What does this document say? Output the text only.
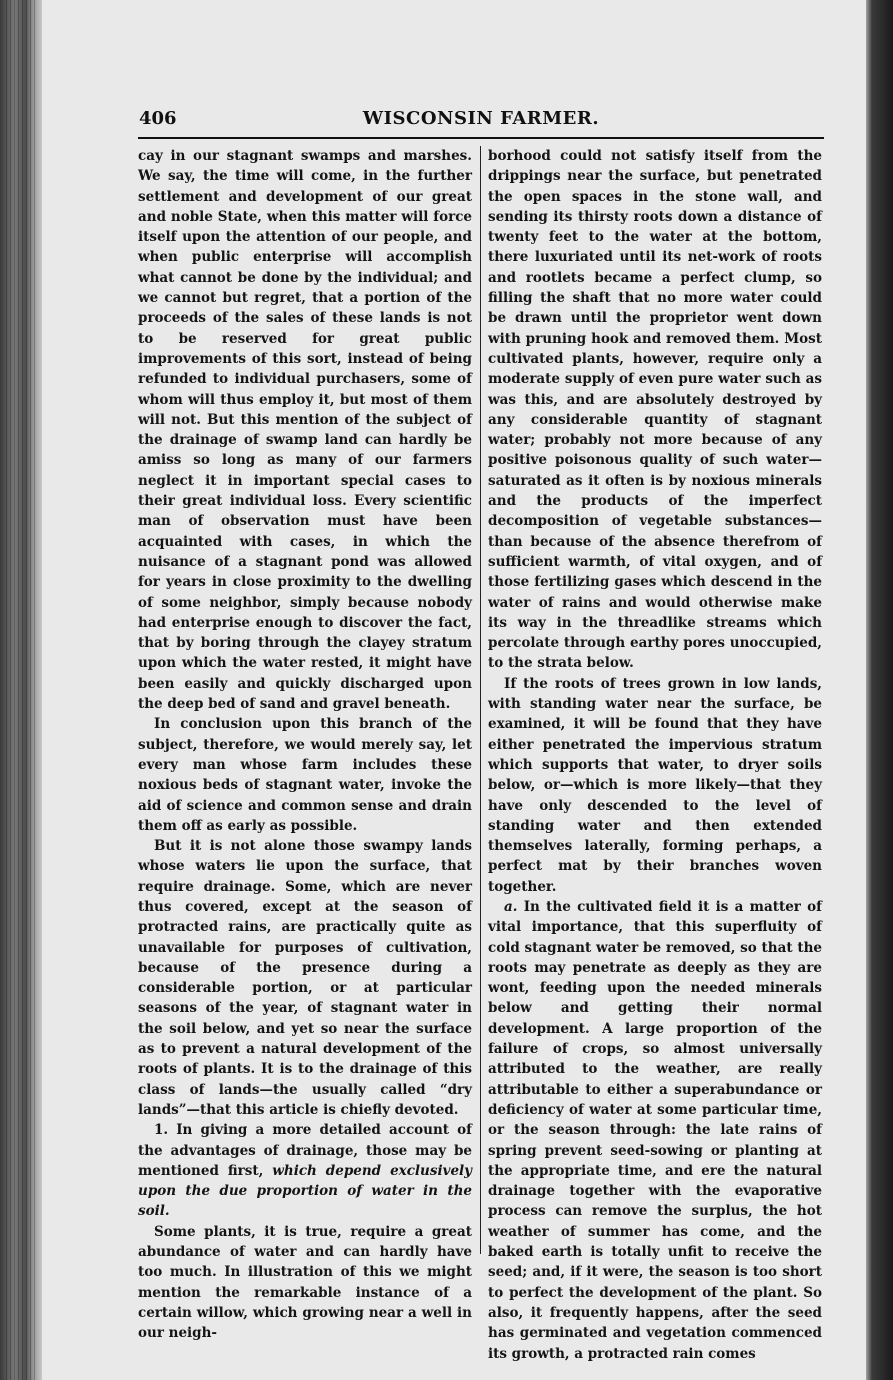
406	WISCONSIN FARMER.

cay in our stagnant swamps and marshes. We say, the time will come, in the further settlement and development of our great and noble State, when this matter will force itself upon the attention of our people, and when public enterprise will accomplish what cannot be done by the individual; and we cannot but regret, that a portion of the proceeds of the sales of these lands is not to be reserved for great public improvements of this sort, instead of being refunded to individual purchasers, some of whom will thus employ it, but most of them will not. But this mention of the subject of the drainage of swamp land can hardly be amiss so long as many of our farmers neglect it in important special cases to their great individual loss. Every scientific man of observation must have been acquainted with cases, in which the nuisance of a stagnant pond was allowed for years in close proximity to the dwelling of some neighbor, simply because nobody had enterprise enough to discover the fact, that by boring through the clayey stratum upon which the water rested, it might have been easily and quickly discharged upon the deep bed of sand and gravel beneath.

In conclusion upon this branch of the subject, therefore, we would merely say, let every man whose farm includes these noxious beds of stagnant water, invoke the aid of science and common sense and drain them off as early as possible.

But it is not alone those swampy lands whose waters lie upon the surface, that require drainage. Some, which are never thus covered, except at the season of protracted rains, are practically quite as unavailable for purposes of cultivation, because of the presence during a considerable portion, or at particular seasons of the year, of stagnant water in the soil below, and yet so near the surface as to prevent a natural development of the roots of plants. It is to the drainage of this class of lands—the usually called “dry lands”—that this article is chiefly devoted.

1. In giving a more detailed account of the advantages of drainage, those may be mentioned first, which depend exclusively upon the due proportion of water in the soil.

Some plants, it is true, require a great abundance of water and can hardly have too much. In illustration of this we might mention the remarkable instance of a certain willow, which growing near a well in our neigh-

borhood could not satisfy itself from the drippings near the surface, but penetrated the open spaces in the stone wall, and sending its thirsty roots down a distance of twenty feet to the water at the bottom, there luxuriated until its net-work of roots and rootlets became a perfect clump, so filling the shaft that no more water could be drawn until the proprietor went down with pruning hook and removed them. Most cultivated plants, however, require only a moderate supply of even pure water such as was this, and are absolutely destroyed by any considerable quantity of stagnant water; probably not more because of any positive poisonous quality of such water—saturated as it often is by noxious minerals and the products of the imperfect decomposition of vegetable substances—than because of the absence therefrom of sufficient warmth, of vital oxygen, and of those fertilizing gases which descend in the water of rains and would otherwise make its way in the threadlike streams which percolate through earthy pores unoccupied, to the strata below.

If the roots of trees grown in low lands, with standing water near the surface, be examined, it will be found that they have either penetrated the impervious stratum which supports that water, to dryer soils below, or—which is more likely—that they have only descended to the level of standing water and then extended themselves laterally, forming perhaps, a perfect mat by their branches woven together.

a. In the cultivated field it is a matter of vital importance, that this superfluity of cold stagnant water be removed, so that the roots may penetrate as deeply as they are wont, feeding upon the needed minerals below and getting their normal development. A large proportion of the failure of crops, so almost universally attributed to the weather, are really attributable to either a superabundance or deficiency of water at some particular time, or the season through: the late rains of spring prevent seed-sowing or planting at the appropriate time, and ere the natural drainage together with the evaporative process can remove the surplus, the hot weather of summer has come, and the baked earth is totally unfit to receive the seed; and, if it were, the season is too short to perfect the development of the plant. So also, it frequently happens, after the seed has germinated and vegetation commenced its growth, a protracted rain comes
